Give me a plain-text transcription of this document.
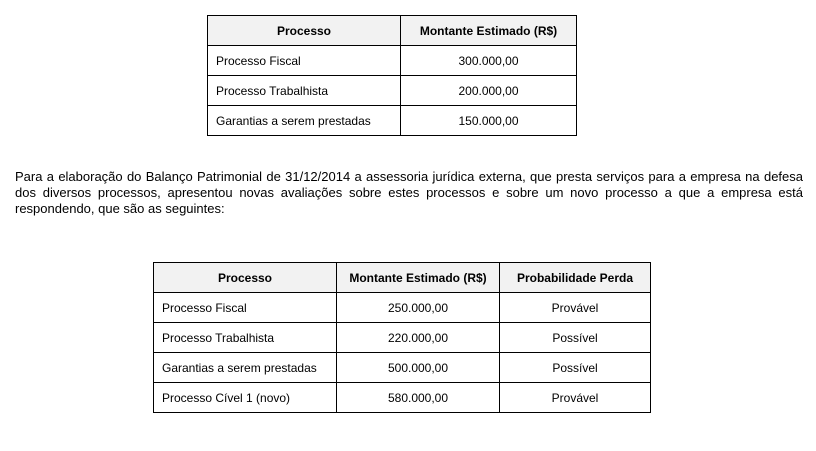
Processo	Montante Estimado (R$)
Processo Fiscal	300.000,00
Processo Trabalhista	200.000,00
Garantias a serem prestadas	150.000,00

Para a elaboração do Balanço Patrimonial de 31/12/2014 a assessoria jurídica externa, que presta serviços para a empresa na defesa dos diversos processos, apresentou novas avaliações sobre estes processos e sobre um novo processo a que a empresa está respondendo, que são as seguintes:

Processo	Montante Estimado (R$)	Probabilidade Perda
Processo Fiscal	250.000,00	Provável
Processo Trabalhista	220.000,00	Possível
Garantias a serem prestadas	500.000,00	Possível
Processo Cível 1 (novo)	580.000,00	Provável
